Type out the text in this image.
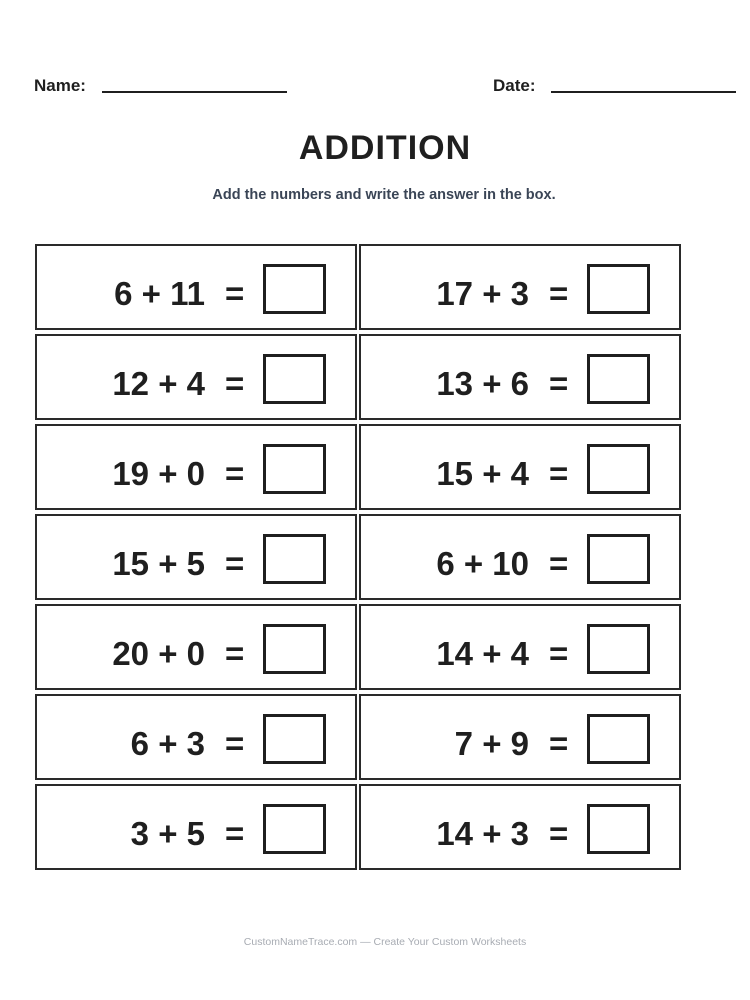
Name:	Date:
ADDITION
Add the numbers and write the answer in the box.
6 + 11 =
12 + 4 =
19 + 0 =
15 + 5 =
20 + 0 =
6 + 3 =
3 + 5 =
17 + 3 =
13 + 6 =
15 + 4 =
6 + 10 =
14 + 4 =
7 + 9 =
14 + 3 =
CustomNameTrace.com — Create Your Custom Worksheets
